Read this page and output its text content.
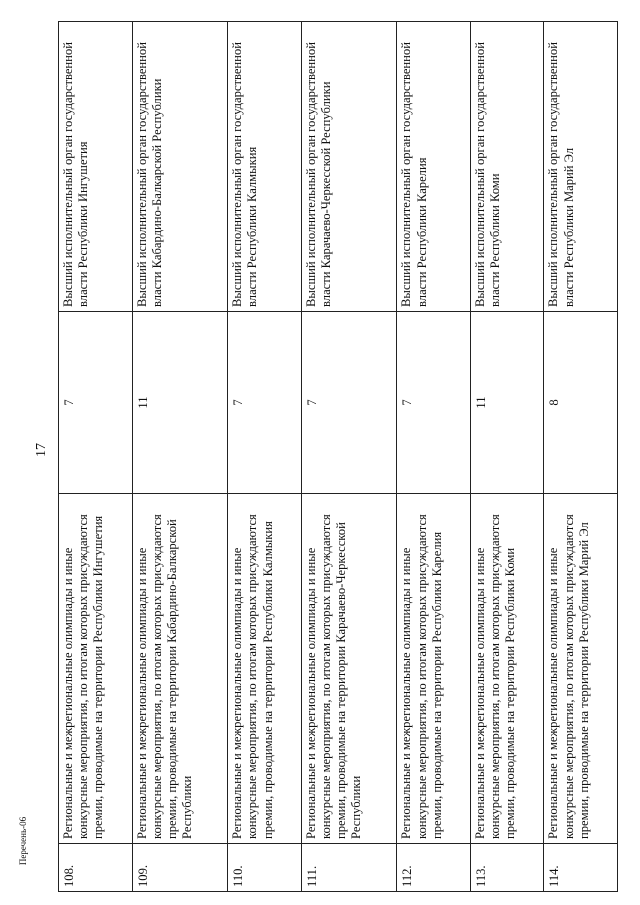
17
108.	Региональные и межрегиональные олимпиады и иные конкурсные мероприятия, по итогам которых присуждаются премии, проводимые на территории Республики Ингушетия	7	Высший исполнительный орган государственной власти Республики Ингушетия
109.	Региональные и межрегиональные олимпиады и иные конкурсные мероприятия, по итогам которых присуждаются премии, проводимые на территории Кабардино-Балкарской Республики	11	Высший исполнительный орган государственной власти Кабардино-Балкарской Республики
110.	Региональные и межрегиональные олимпиады и иные конкурсные мероприятия, по итогам которых присуждаются премии, проводимые на территории Республики Калмыкия	7	Высший исполнительный орган государственной власти Республики Калмыкия
111.	Региональные и межрегиональные олимпиады и иные конкурсные мероприятия, по итогам которых присуждаются премии, проводимые на территории Карачаево-Черкесской Республики	7	Высший исполнительный орган государственной власти Карачаево-Черкесской Республики
112.	Региональные и межрегиональные олимпиады и иные конкурсные мероприятия, по итогам которых присуждаются премии, проводимые на территории Республики Карелия	7	Высший исполнительный орган государственной власти Республики Карелия
113.	Региональные и межрегиональные олимпиады и иные конкурсные мероприятия, по итогам которых присуждаются премии, проводимые на территории Республики Коми	11	Высший исполнительный орган государственной власти Республики Коми
114.	Региональные и межрегиональные олимпиады и иные конкурсные мероприятия, по итогам которых присуждаются премии, проводимые на территории Республики Марий Эл	8	Высший исполнительный орган государственной власти Республики Марий Эл
Перечень-06
